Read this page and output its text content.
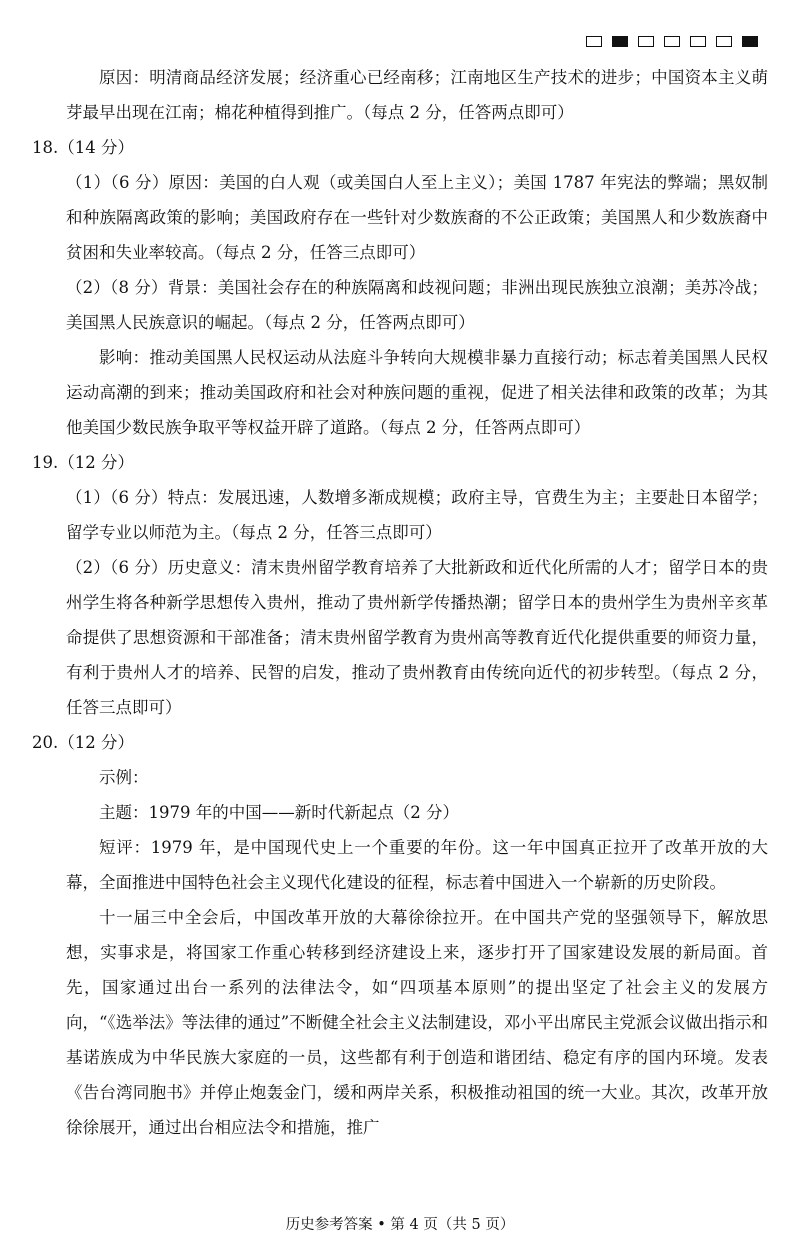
原因：明清商品经济发展；经济重心已经南移；江南地区生产技术的进步；中国资本主义萌芽最早出现在江南；棉花种植得到推广。（每点 2 分，任答两点即可）

18.（14 分）

（1）（6 分）原因：美国的白人观（或美国白人至上主义）；美国 1787 年宪法的弊端；黑奴制和种族隔离政策的影响；美国政府存在一些针对少数族裔的不公正政策；美国黑人和少数族裔中贫困和失业率较高。（每点 2 分，任答三点即可）

（2）（8 分）背景：美国社会存在的种族隔离和歧视问题；非洲出现民族独立浪潮；美苏冷战；美国黑人民族意识的崛起。（每点 2 分，任答两点即可）

影响：推动美国黑人民权运动从法庭斗争转向大规模非暴力直接行动；标志着美国黑人民权运动高潮的到来；推动美国政府和社会对种族问题的重视，促进了相关法律和政策的改革；为其他美国少数民族争取平等权益开辟了道路。（每点 2 分，任答两点即可）

19.（12 分）

（1）（6 分）特点：发展迅速，人数增多渐成规模；政府主导，官费生为主；主要赴日本留学；留学专业以师范为主。（每点 2 分，任答三点即可）

（2）（6 分）历史意义：清末贵州留学教育培养了大批新政和近代化所需的人才；留学日本的贵州学生将各种新学思想传入贵州，推动了贵州新学传播热潮；留学日本的贵州学生为贵州辛亥革命提供了思想资源和干部准备；清末贵州留学教育为贵州高等教育近代化提供重要的师资力量，有利于贵州人才的培养、民智的启发，推动了贵州教育由传统向近代的初步转型。（每点 2 分，任答三点即可）

20.（12 分）

示例：

主题：1979 年的中国——新时代新起点（2 分）

短评：1979 年，是中国现代史上一个重要的年份。这一年中国真正拉开了改革开放的大幕，全面推进中国特色社会主义现代化建设的征程，标志着中国进入一个崭新的历史阶段。

十一届三中全会后，中国改革开放的大幕徐徐拉开。在中国共产党的坚强领导下，解放思想，实事求是，将国家工作重心转移到经济建设上来，逐步打开了国家建设发展的新局面。首先，国家通过出台一系列的法律法令，如“四项基本原则”的提出坚定了社会主义的发展方向，“《选举法》等法律的通过”不断健全社会主义法制建设，邓小平出席民主党派会议做出指示和基诺族成为中华民族大家庭的一员，这些都有利于创造和谐团结、稳定有序的国内环境。发表《告台湾同胞书》并停止炮轰金门，缓和两岸关系，积极推动祖国的统一大业。其次，改革开放徐徐展开，通过出台相应法令和措施，推广

历史参考答案 • 第 4 页（共 5 页）
